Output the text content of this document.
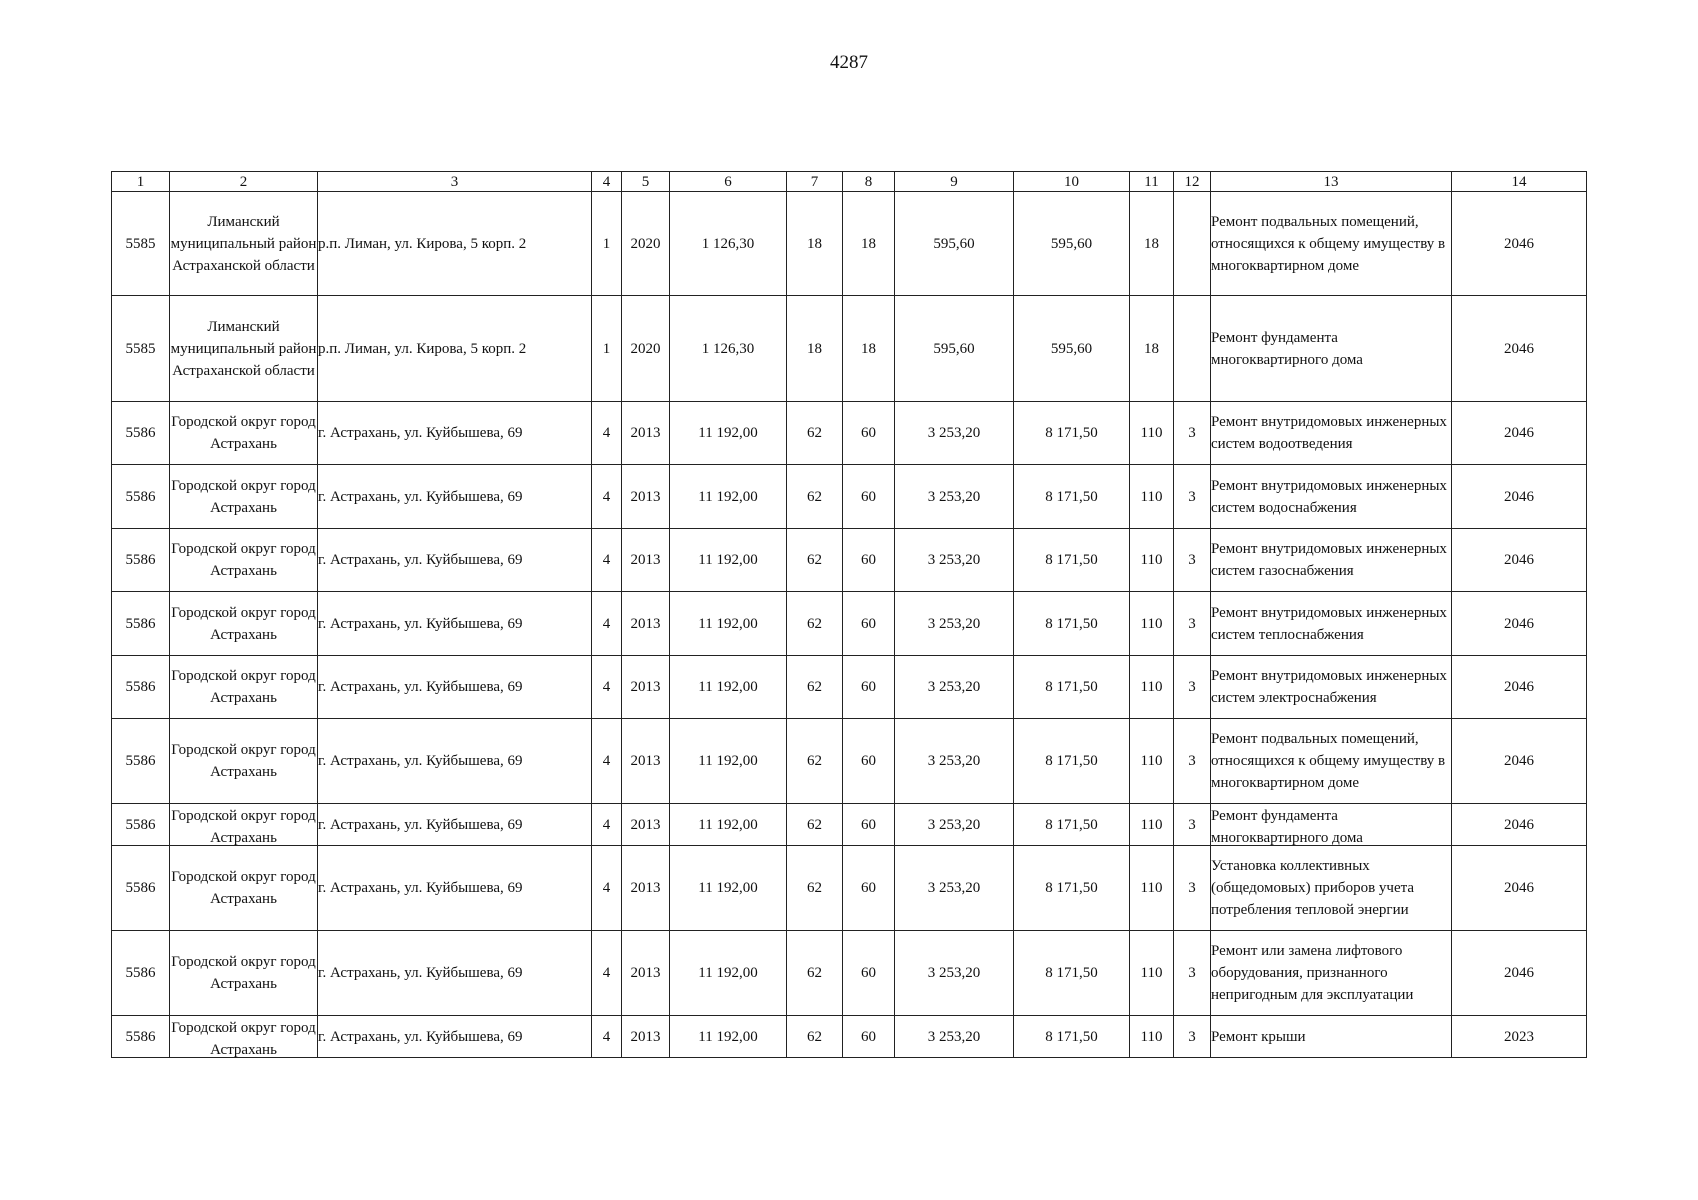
4287
1	2	3	4	5	6	7	8	9	10	11	12	13	14

5585	Лиманский муниципальный район Астраханской области	р.п. Лиман, ул. Кирова, 5 корп. 2	1	2020	1 126,30	18	18	595,60	595,60	18		Ремонт подвальных помещений, относящихся к общему имуществу в многоквартирном доме	2046

5585	Лиманский муниципальный район Астраханской области	р.п. Лиман, ул. Кирова, 5 корп. 2	1	2020	1 126,30	18	18	595,60	595,60	18		Ремонт фундамента многоквартирного дома	2046

5586	Городской округ город Астрахань	г. Астрахань, ул. Куйбышева, 69	4	2013	11 192,00	62	60	3 253,20	8 171,50	110	3	Ремонт внутридомовых инженерных систем водоотведения	2046

5586	Городской округ город Астрахань	г. Астрахань, ул. Куйбышева, 69	4	2013	11 192,00	62	60	3 253,20	8 171,50	110	3	Ремонт внутридомовых инженерных систем водоснабжения	2046

5586	Городской округ город Астрахань	г. Астрахань, ул. Куйбышева, 69	4	2013	11 192,00	62	60	3 253,20	8 171,50	110	3	Ремонт внутридомовых инженерных систем газоснабжения	2046

5586	Городской округ город Астрахань	г. Астрахань, ул. Куйбышева, 69	4	2013	11 192,00	62	60	3 253,20	8 171,50	110	3	Ремонт внутридомовых инженерных систем теплоснабжения	2046

5586	Городской округ город Астрахань	г. Астрахань, ул. Куйбышева, 69	4	2013	11 192,00	62	60	3 253,20	8 171,50	110	3	Ремонт внутридомовых инженерных систем электроснабжения	2046

5586	Городской округ город Астрахань	г. Астрахань, ул. Куйбышева, 69	4	2013	11 192,00	62	60	3 253,20	8 171,50	110	3	Ремонт подвальных помещений, относящихся к общему имуществу в многоквартирном доме	2046

5586	Городской округ город Астрахань	г. Астрахань, ул. Куйбышева, 69	4	2013	11 192,00	62	60	3 253,20	8 171,50	110	3	Ремонт фундамента многоквартирного дома	2046

5586	Городской округ город Астрахань	г. Астрахань, ул. Куйбышева, 69	4	2013	11 192,00	62	60	3 253,20	8 171,50	110	3	Установка коллективных (общедомовых) приборов учета потребления тепловой энергии	2046

5586	Городской округ город Астрахань	г. Астрахань, ул. Куйбышева, 69	4	2013	11 192,00	62	60	3 253,20	8 171,50	110	3	Ремонт или замена лифтового оборудования, признанного непригодным для эксплуатации	2046

5586	Городской округ город Астрахань	г. Астрахань, ул. Куйбышева, 69	4	2013	11 192,00	62	60	3 253,20	8 171,50	110	3	Ремонт крыши	2023
